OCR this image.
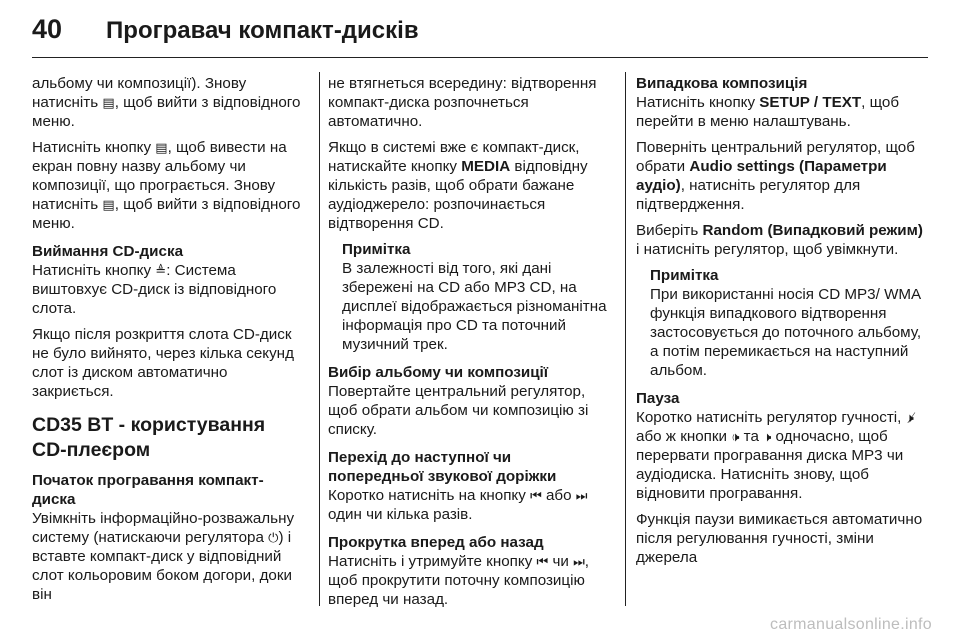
40 Програвач компакт-дисків

альбому чи композиції). Знову натисніть ▤, щоб вийти з відповідного меню.

Натисніть кнопку ▤, щоб вивести на екран повну назву альбому чи композиції, що програється. Знову натисніть ▤, щоб вийти з відповідного меню.

Виймання CD-диска

Натисніть кнопку ≜: Система виштовхує CD-диск із відповідного слота.

Якщо після розкриття слота CD-диск не було вийнято, через кілька секунд слот із диском автоматично закриється.

CD35 BT - користування CD-плеєром
Початок програвання компакт-диска

Увімкніть інформаційно-розважальну систему (натискаючи регулятора ⏻) і вставте компакт-диск у відповідний слот кольоровим боком догори, доки він

не втягнеться всередину: відтворення компакт-диска розпочнеться автоматично.

Якщо в системі вже є компакт-диск, натискайте кнопку MEDIA відповідну кількість разів, щоб обрати бажане аудіоджерело: розпочинається відтворення CD.

Примітка
В залежності від того, які дані збережені на CD або MP3 CD, на дисплеї відображається різноманітна інформація про CD та поточний музичний трек.
Вибір альбому чи композиції

Повертайте центральний регулятор, щоб обрати альбом чи композицію зі списку.

Перехід до наступної чи попередньої звукової доріжки

Коротко натисніть на кнопку ⏮ або ⏭ один чи кілька разів.

Прокрутка вперед або назад

Натисніть і утримуйте кнопку ⏮ чи ⏭, щоб прокрутити поточну композицію вперед чи назад.

Випадкова композиція

Натисніть кнопку SETUP / TEXT, щоб перейти в меню налаштувань.

Поверніть центральний регулятор, щоб обрати Audio settings (Параметри аудіо), натисніть регулятор для підтвердження.

Виберіть Random (Випадковий режим) і натисніть регулятор, щоб увімкнути.

Примітка
При використанні носія CD MP3/ WMA функція випадкового відтворення застосовується до поточного альбому, а потім перемикається на наступний альбом.
Пауза

Коротко натисніть регулятор гучності, 🕨̸ або ж кнопки 🕩 та 🕨 одночасно, щоб перервати програвання диска MP3 чи аудіодиска. Натисніть знову, щоб відновити програвання.

Функція паузи вимикається автоматично після регулювання гучності, зміни джерела

carmanualsonline.info
